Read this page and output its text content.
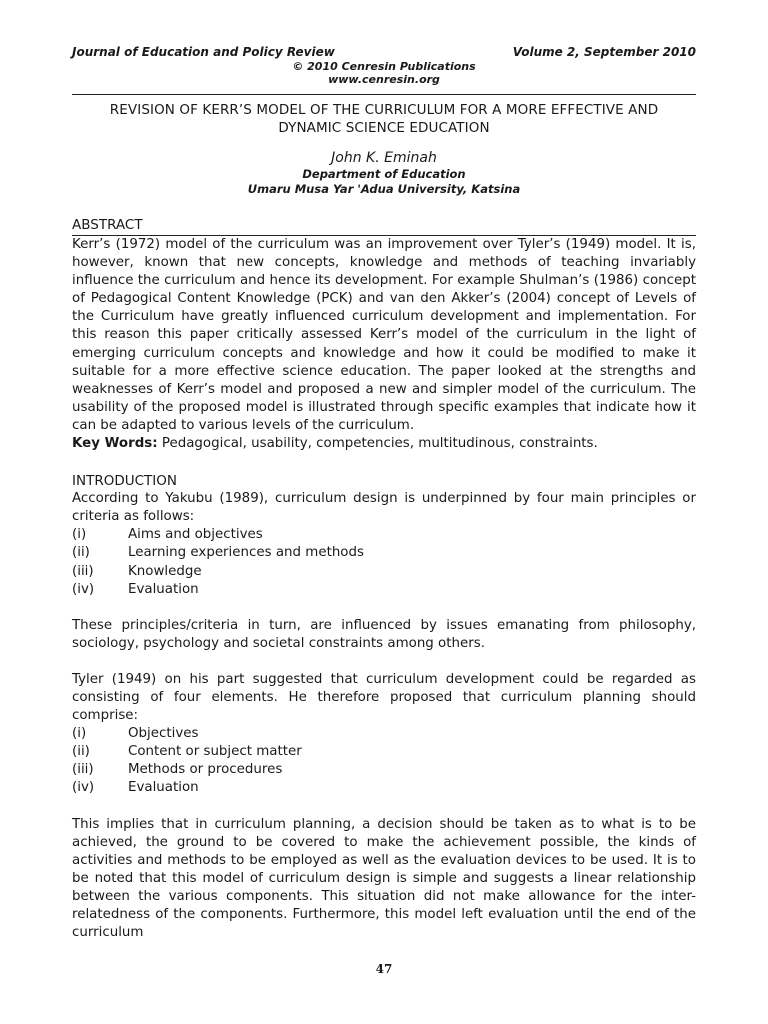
Journal of Education and Policy Review	Volume 2, September 2010
© 2010 Cenresin Publications
www.cenresin.org
REVISION OF KERR’S MODEL OF THE CURRICULUM FOR A MORE EFFECTIVE AND
DYNAMIC SCIENCE EDUCATION
John K. Eminah
Department of Education
Umaru Musa Yar 'Adua University, Katsina
ABSTRACT

Kerr’s (1972) model of the curriculum was an improvement over Tyler’s (1949) model. It is, however, known that new concepts, knowledge and methods of teaching invariably influence the curriculum and hence its development. For example Shulman’s (1986) concept of Pedagogical Content Knowledge (PCK) and van den Akker’s (2004) concept of Levels of the Curriculum have greatly influenced curriculum development and implementation. For this reason this paper critically assessed Kerr’s model of the curriculum in the light of emerging curriculum concepts and knowledge and how it could be modified to make it suitable for a more effective science education. The paper looked at the strengths and weaknesses of Kerr’s model and proposed a new and simpler model of the curriculum. The usability of the proposed model is illustrated through specific examples that indicate how it can be adapted to various levels of the curriculum.

Key Words: Pedagogical, usability, competencies, multitudinous, constraints.

INTRODUCTION

According to Yakubu (1989), curriculum design is underpinned by four main principles or criteria as follows:

(i)	Aims and objectives
(ii)	Learning experiences and methods
(iii)	Knowledge
(iv)	Evaluation

These principles/criteria in turn, are influenced by issues emanating from philosophy, sociology, psychology and societal constraints among others.

Tyler (1949) on his part suggested that curriculum development could be regarded as consisting of four elements. He therefore proposed that curriculum planning should comprise:

(i)	Objectives
(ii)	Content or subject matter
(iii)	Methods or procedures
(iv)	Evaluation

This implies that in curriculum planning, a decision should be taken as to what is to be achieved, the ground to be covered to make the achievement possible, the kinds of activities and methods to be employed as well as the evaluation devices to be used. It is to be noted that this model of curriculum design is simple and suggests a linear relationship between the various components. This situation did not make allowance for the inter-relatedness of the components. Furthermore, this model left evaluation until the end of the curriculum

47
